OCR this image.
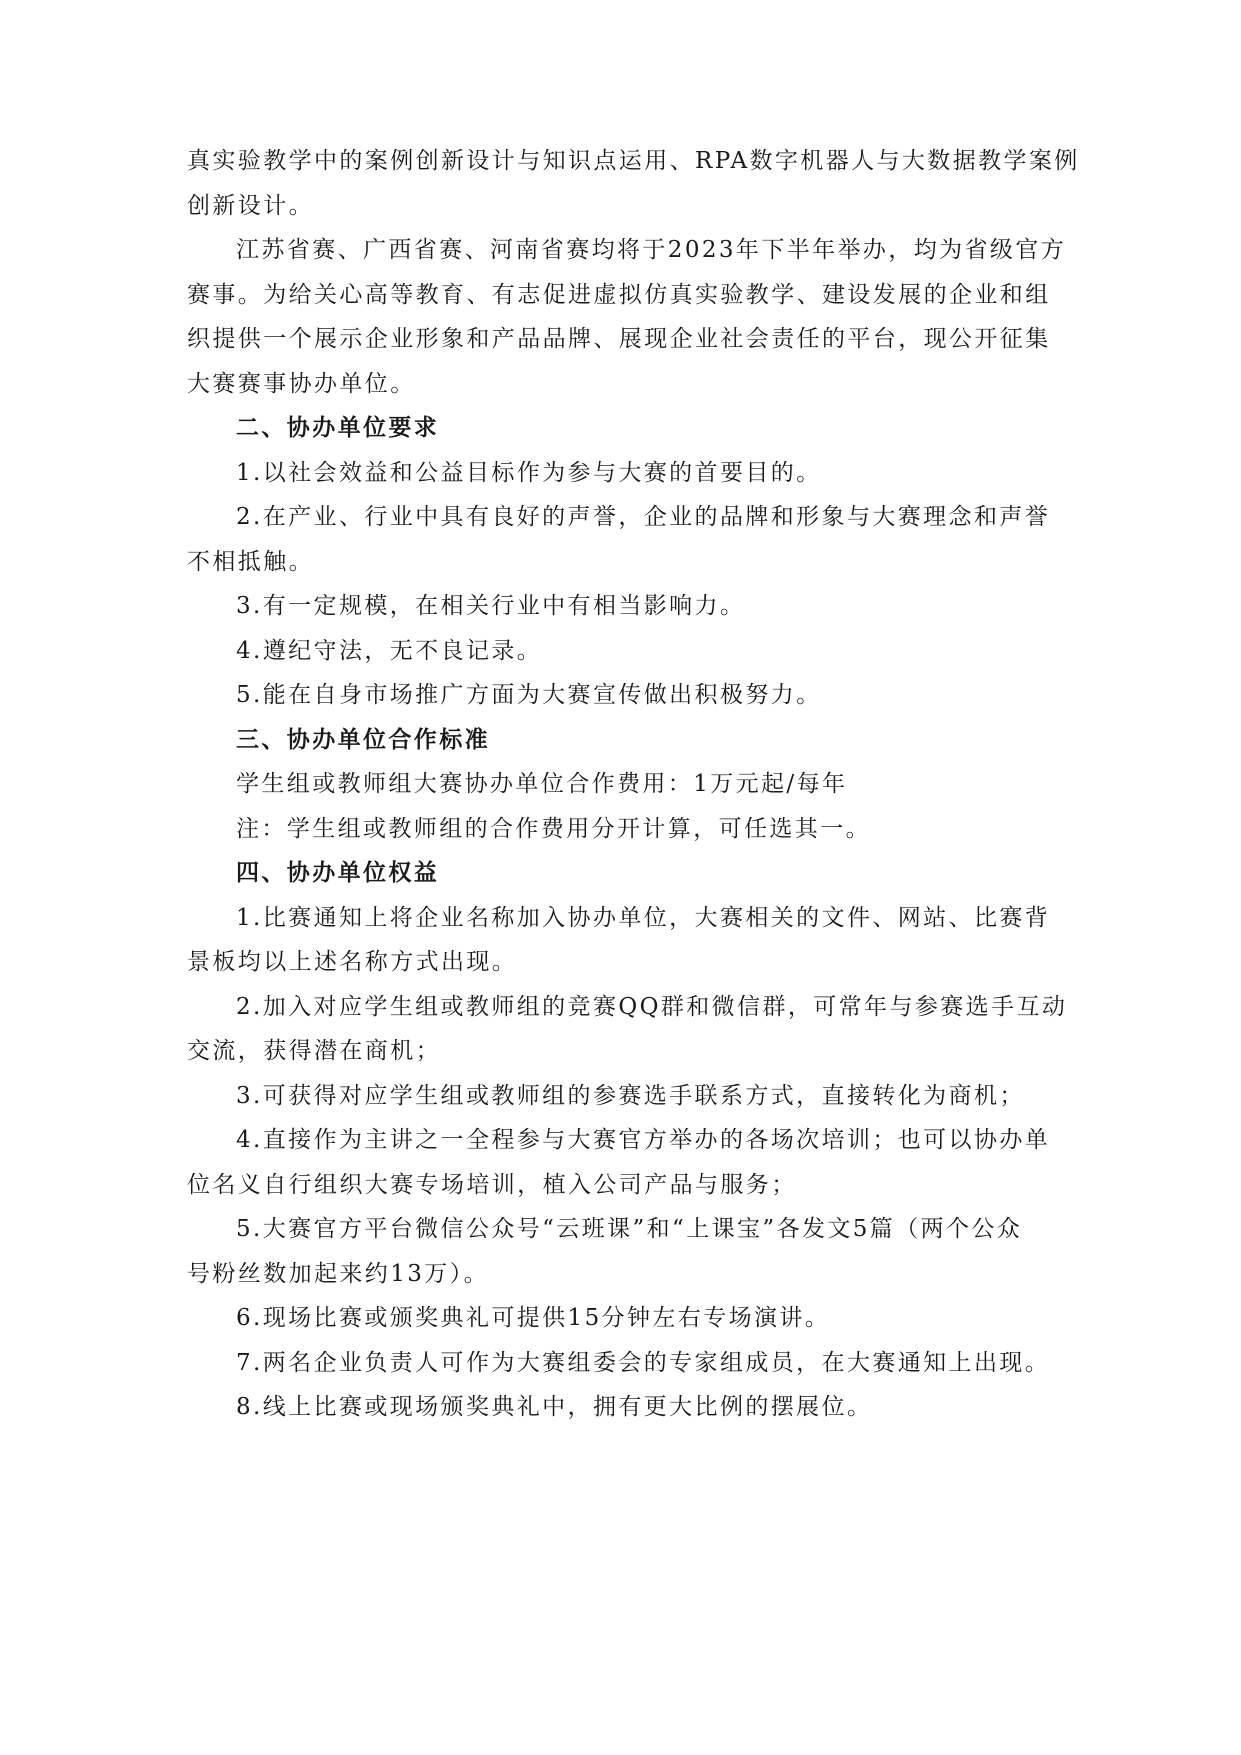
真实验教学中的案例创新设计与知识点运用、RPA数字机器人与大数据教学案例

创新设计。

江苏省赛、广西省赛、河南省赛均将于2023年下半年举办，均为省级官方

赛事。为给关心高等教育、有志促进虚拟仿真实验教学、建设发展的企业和组

织提供一个展示企业形象和产品品牌、展现企业社会责任的平台，现公开征集

大赛赛事协办单位。

二、协办单位要求

1.以社会效益和公益目标作为参与大赛的首要目的。

2.在产业、行业中具有良好的声誉，企业的品牌和形象与大赛理念和声誉

不相抵触。

3.有一定规模，在相关行业中有相当影响力。

4.遵纪守法，无不良记录。

5.能在自身市场推广方面为大赛宣传做出积极努力。

三、协办单位合作标准

学生组或教师组大赛协办单位合作费用：1万元起/每年

注：学生组或教师组的合作费用分开计算，可任选其一。

四、协办单位权益

1.比赛通知上将企业名称加入协办单位，大赛相关的文件、网站、比赛背

景板均以上述名称方式出现。

2.加入对应学生组或教师组的竞赛QQ群和微信群，可常年与参赛选手互动

交流，获得潜在商机；

3.可获得对应学生组或教师组的参赛选手联系方式，直接转化为商机；

4.直接作为主讲之一全程参与大赛官方举办的各场次培训；也可以协办单

位名义自行组织大赛专场培训，植入公司产品与服务；

5.大赛官方平台微信公众号“云班课”和“上课宝”各发文5篇（两个公众

号粉丝数加起来约13万）。

6.现场比赛或颁奖典礼可提供15分钟左右专场演讲。

7.两名企业负责人可作为大赛组委会的专家组成员，在大赛通知上出现。

8.线上比赛或现场颁奖典礼中，拥有更大比例的摆展位。
